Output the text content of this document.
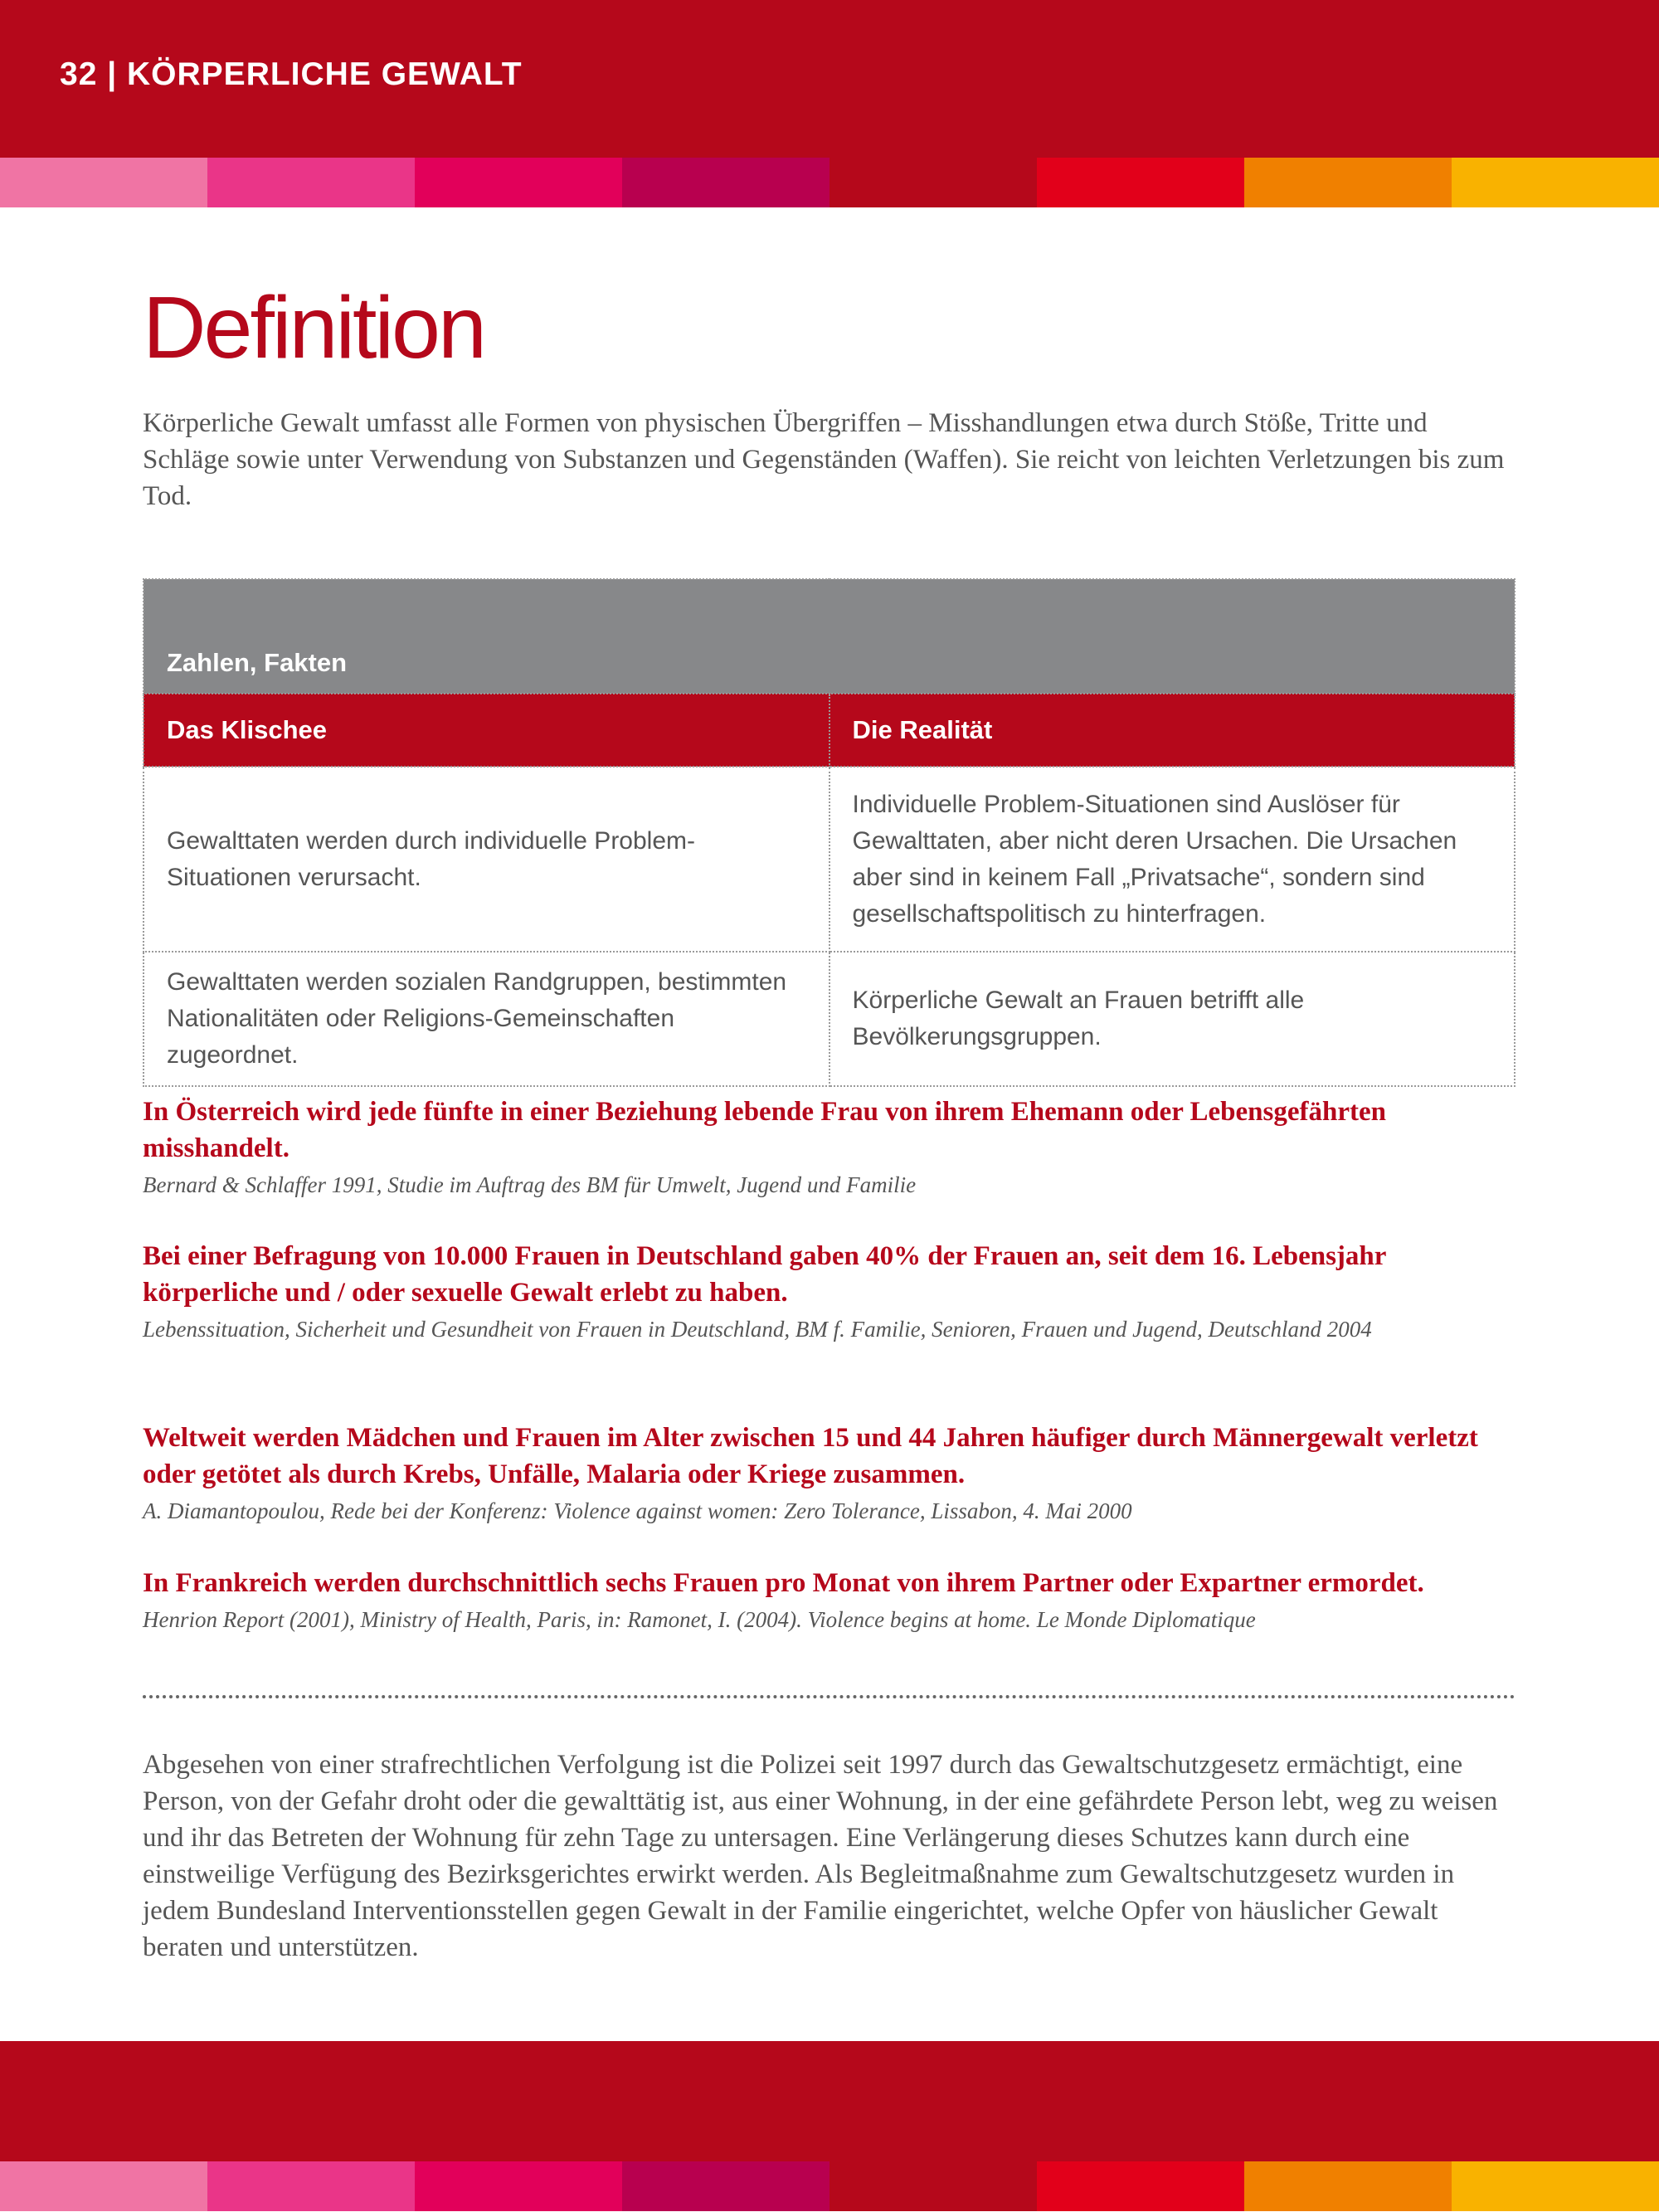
32 | KÖRPERLICHE GEWALT
Definition

Körperliche Gewalt umfasst alle Formen von physischen Übergriffen – Misshandlungen etwa durch Stöße, Tritte und Schläge sowie unter Verwendung von Substanzen und Gegenständen (Waffen). Sie reicht von leichten Verletzungen bis zum Tod.

Zahlen, Fakten	
Das Klischee	Die Realität
Gewalttaten werden durch individuelle Problem-Situationen verursacht.	Individuelle Problem-Situationen sind Auslöser für Gewalttaten, aber nicht deren Ursachen. Die Ursachen aber sind in keinem Fall „Privatsache“, sondern sind gesellschaftspolitisch zu hinterfragen.
Gewalttaten werden sozialen Randgruppen, bestimmten Nationalitäten oder Religions-Gemeinschaften zugeordnet.	Körperliche Gewalt an Frauen betrifft alle Bevölkerungsgruppen.

In Österreich wird jede fünfte in einer Beziehung lebende Frau von ihrem Ehemann oder Lebensgefährten misshandelt.

Bernard & Schlaffer 1991, Studie im Auftrag des BM für Umwelt, Jugend und Familie

Bei einer Befragung von 10.000 Frauen in Deutschland gaben 40% der Frauen an, seit dem 16. Lebensjahr körperliche und / oder sexuelle Gewalt erlebt zu haben.

Lebenssituation, Sicherheit und Gesundheit von Frauen in Deutschland, BM f. Familie, Senioren, Frauen und Jugend, Deutschland 2004

Weltweit werden Mädchen und Frauen im Alter zwischen 15 und 44 Jahren häufiger durch Männergewalt verletzt oder getötet als durch Krebs, Unfälle, Malaria oder Kriege zusammen.

A. Diamantopoulou, Rede bei der Konferenz: Violence against women: Zero Tolerance, Lissabon, 4. Mai 2000

In Frankreich werden durchschnittlich sechs Frauen pro Monat von ihrem Partner oder Expartner ermordet.

Henrion Report (2001), Ministry of Health, Paris, in: Ramonet, I. (2004). Violence begins at home. Le Monde Diplomatique

Abgesehen von einer strafrechtlichen Verfolgung ist die Polizei seit 1997 durch das Gewaltschutzgesetz ermächtigt, eine Person, von der Gefahr droht oder die gewalttätig ist, aus einer Wohnung, in der eine gefährdete Person lebt, weg zu weisen und ihr das Betreten der Wohnung für zehn Tage zu untersagen. Eine Verlängerung dieses Schutzes kann durch eine einstweilige Verfügung des Bezirksgerichtes erwirkt werden. Als Begleitmaßnahme zum Gewaltschutzgesetz wurden in jedem Bundesland Interventionsstellen gegen Gewalt in der Familie eingerichtet, welche Opfer von häuslicher Gewalt beraten und unterstützen.
